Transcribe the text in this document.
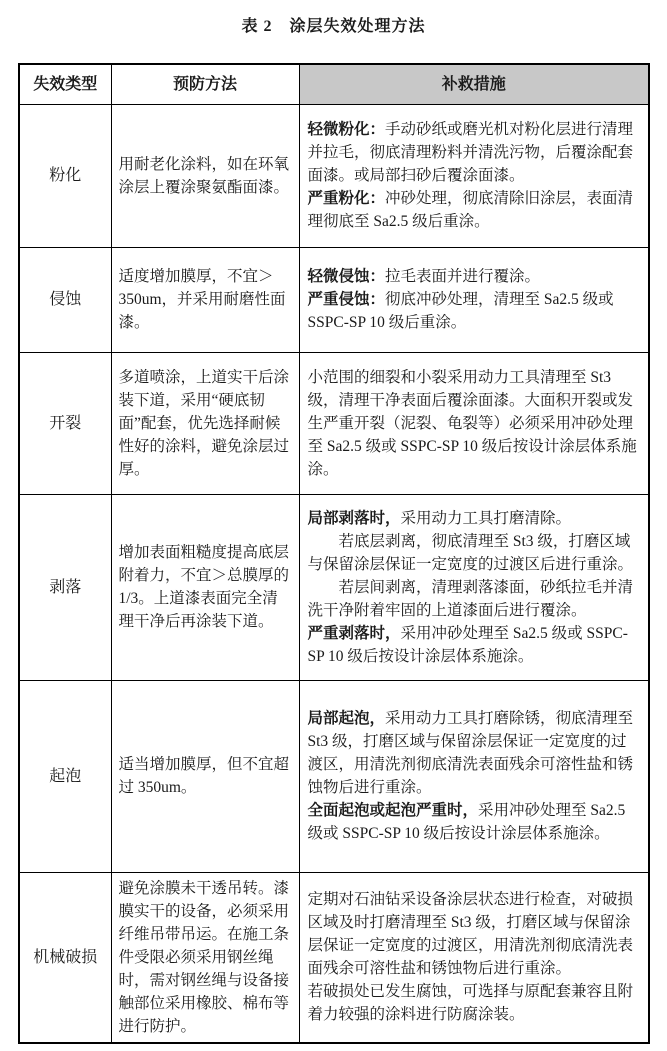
表 2　涂层失效处理方法
失效类型	预防方法	补救措施
粉化	用耐老化涂料，如在环氧涂层上覆涂聚氨酯面漆。	轻微粉化：手动砂纸或磨光机对粉化层进行清理并拉毛，彻底清理粉料并清洗污物，后覆涂配套面漆。或局部扫砂后覆涂面漆。

严重粉化：冲砂处理，彻底清除旧涂层，表面清理彻底至 Sa2.5 级后重涂。

侵蚀	适度增加膜厚，不宜＞350um，并采用耐磨性面漆。	轻微侵蚀：拉毛表面并进行覆涂。

严重侵蚀：彻底冲砂处理，清理至 Sa2.5 级或 SSPC-SP 10 级后重涂。

开裂	多道喷涂，上道实干后涂装下道，采用“硬底韧面”配套，优先选择耐候性好的涂料，避免涂层过厚。	小范围的细裂和小裂采用动力工具清理至 St3 级，清理干净表面后覆涂面漆。大面积开裂或发生严重开裂（泥裂、龟裂等）必须采用冲砂处理至 Sa2.5 级或 SSPC-SP 10 级后按设计涂层体系施涂。

剥落	增加表面粗糙度提高底层附着力，不宜＞总膜厚的 1/3。上道漆表面完全清理干净后再涂装下道。	局部剥落时，采用动力工具打磨清除。

若底层剥离，彻底清理至 St3 级，打磨区域与保留涂层保证一定宽度的过渡区后进行重涂。

若层间剥离，清理剥落漆面，砂纸拉毛并清洗干净附着牢固的上道漆面后进行覆涂。

严重剥落时，采用冲砂处理至 Sa2.5 级或 SSPC-SP 10 级后按设计涂层体系施涂。

起泡	适当增加膜厚，但不宜超过 350um。	局部起泡，采用动力工具打磨除锈，彻底清理至 St3 级，打磨区域与保留涂层保证一定宽度的过渡区，用清洗剂彻底清洗表面残余可溶性盐和锈蚀物后进行重涂。

全面起泡或起泡严重时，采用冲砂处理至 Sa2.5 级或 SSPC-SP 10 级后按设计涂层体系施涂。

机械破损	避免涂膜未干透吊转。漆膜实干的设备，必须采用纤维吊带吊运。在施工条件受限必须采用钢丝绳时，需对钢丝绳与设备接触部位采用橡胶、棉布等进行防护。	定期对石油钻采设备涂层状态进行检查，对破损区域及时打磨清理至 St3 级，打磨区域与保留涂层保证一定宽度的过渡区，用清洗剂彻底清洗表面残余可溶性盐和锈蚀物后进行重涂。

若破损处已发生腐蚀，可选择与原配套兼容且附着力较强的涂料进行防腐涂装。
